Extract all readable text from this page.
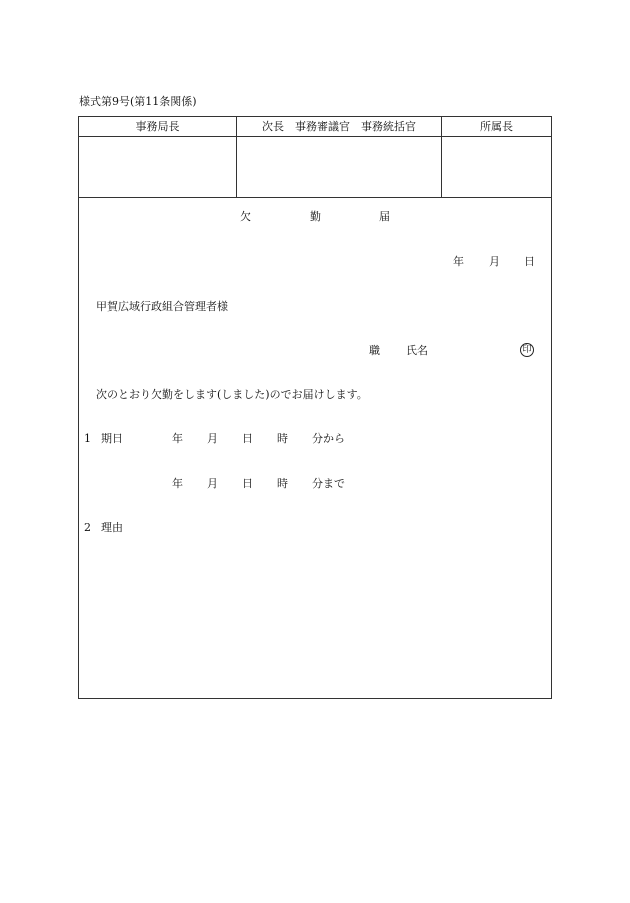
様式第9号(第11条関係)
事務局長	次長　事務審議官　事務統括官	所属長
欠	勤	届
年 月 日
甲賀広域行政組合管理者様
職 氏名	印
次のとおり欠勤をします(しました)のでお届けします。
1 期日	年 月 日 時 分から
年 月 日 時 分まで
2 理由
